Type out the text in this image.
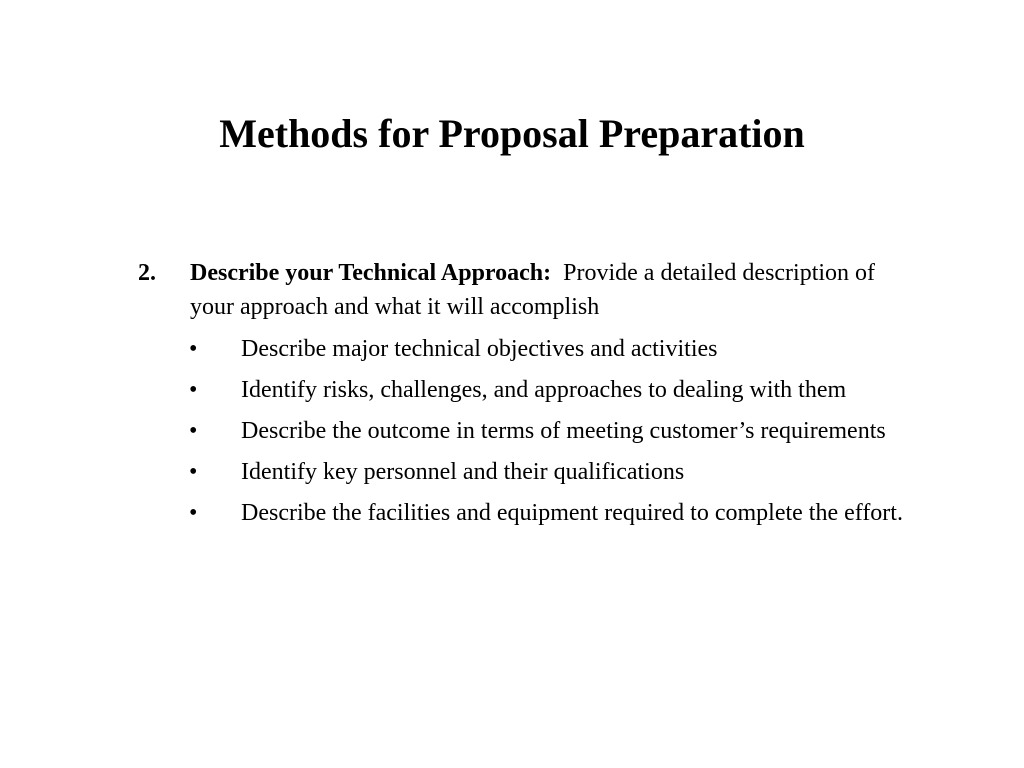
Methods for Proposal Preparation
2. Describe your Technical Approach: Provide a detailed description of your approach and what it will accomplish
• Describe major technical objectives and activities
• Identify risks, challenges, and approaches to dealing with them
• Describe the outcome in terms of meeting customer’s requirements
• Identify key personnel and their qualifications
• Describe the facilities and equipment required to complete the effort.
